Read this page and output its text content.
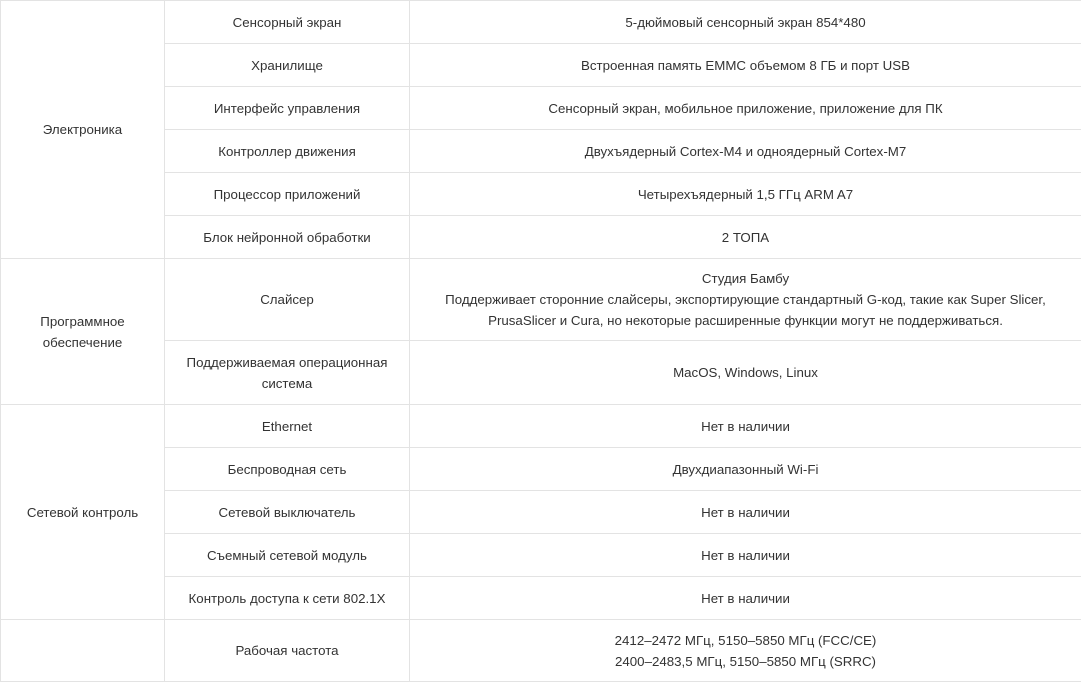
Электроника	Сенсорный экран	5-дюймовый сенсорный экран 854*480
	Хранилище	Встроенная память EMMC объемом 8 ГБ и порт USB
	Интерфейс управления	Сенсорный экран, мобильное приложение, приложение для ПК
	Контроллер движения	Двухъядерный Cortex-M4 и одноядерный Cortex-M7
	Процессор приложений	Четырехъядерный 1,5 ГГц ARM A7
	Блок нейронной обработки	2 ТОПА
Программное обеспечение	Слайсер	Студия Бамбу
Поддерживает сторонние слайсеры, экспортирующие стандартный G-код, такие как Super Slicer,
PrusaSlicer и Cura, но некоторые расширенные функции могут не поддерживаться.

	Поддерживаемая операционная система	MacOS, Windows, Linux
Сетевой контроль	Ethernet	Нет в наличии
	Беспроводная сеть	Двухдиапазонный Wi-Fi
	Сетевой выключатель	Нет в наличии
	Съемный сетевой модуль	Нет в наличии
	Контроль доступа к сети 802.1X	Нет в наличии
	Рабочая частота	2412–2472 МГц, 5150–5850 МГц (FCC/CE)
2400–2483,5 МГц, 5150–5850 МГц (SRRC)
